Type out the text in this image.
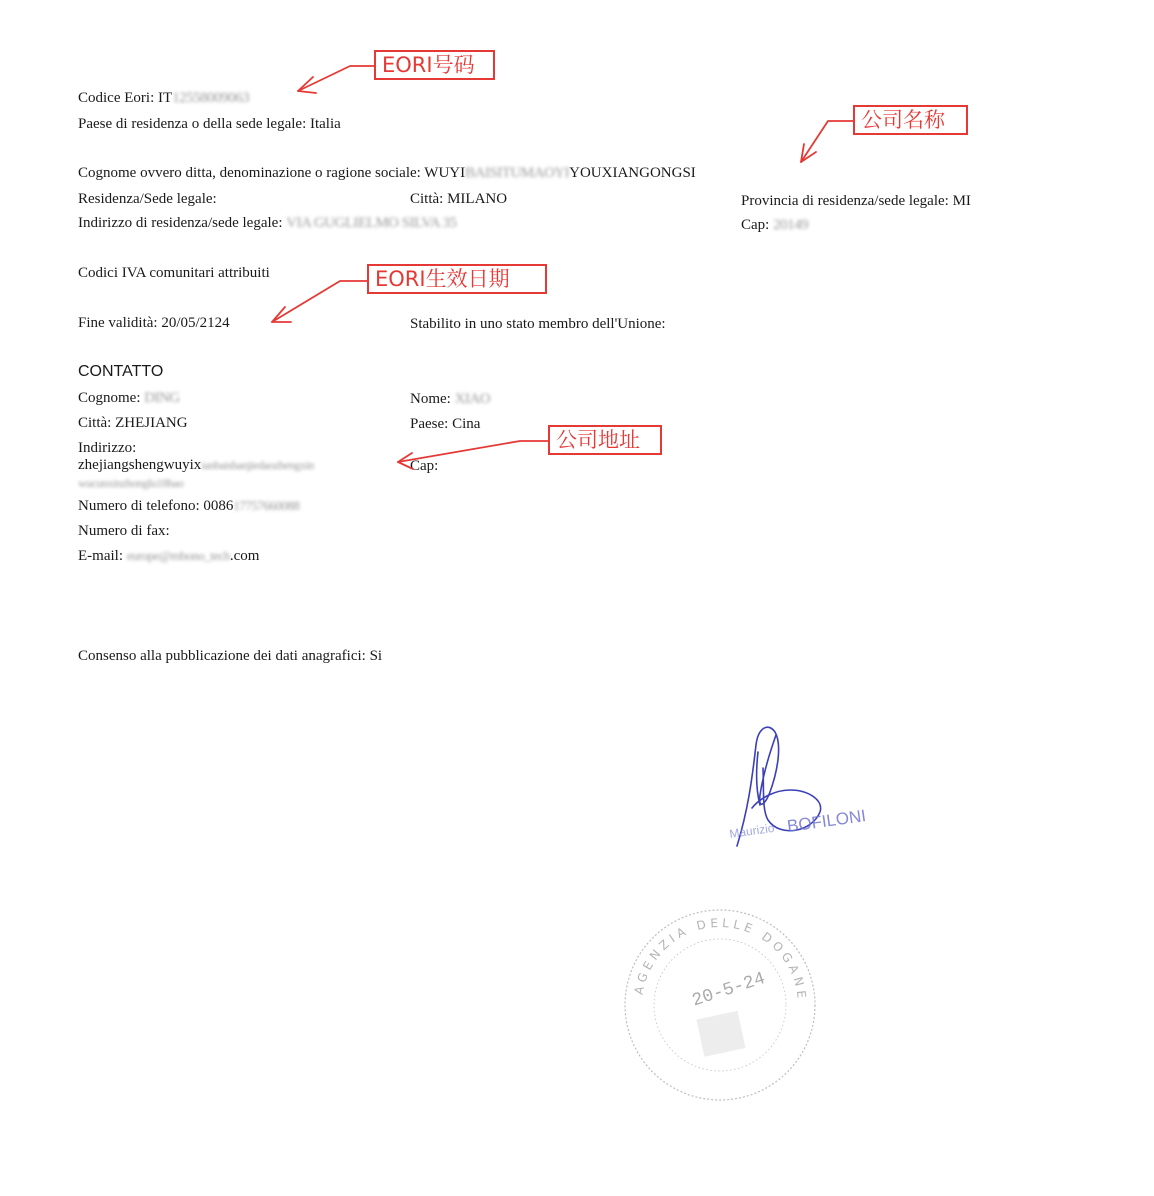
Codice Eori: IT12558009063
Paese di residenza o della sede legale: Italia
Cognome ovvero ditta, denominazione o ragione sociale: WUYIBAISITUMAOYIYOUXIANGONGSI
Residenza/Sede legale:	Città: MILANO	Provincia di residenza/sede legale: MI
Indirizzo di residenza/sede legale: VIA GUGLIELMO SILVA 35	Cap: 20149
Codici IVA comunitari attribuiti
Fine validità: 20/05/2124	Stabilito in uno stato membro dell'Unione:
CONTATTO
Cognome: DING	Nome: XIAO
Città: ZHEJIANG	Paese: Cina
Indirizzo:
zhejiangshengwuyixianbaishanjiedaozhengxin
wucunxinzhonglu18hao
Cap:
Numero di telefono: 008617757660088
Numero di fax:
E-mail: europe@mbono_tech.com
Consenso alla pubblicazione dei dati anagrafici: Si
Maurizio BOFILONI
AGENZIA DELLE DOGANE
20-5-24
EORI号码
公司名称
EORI生效日期
公司地址
